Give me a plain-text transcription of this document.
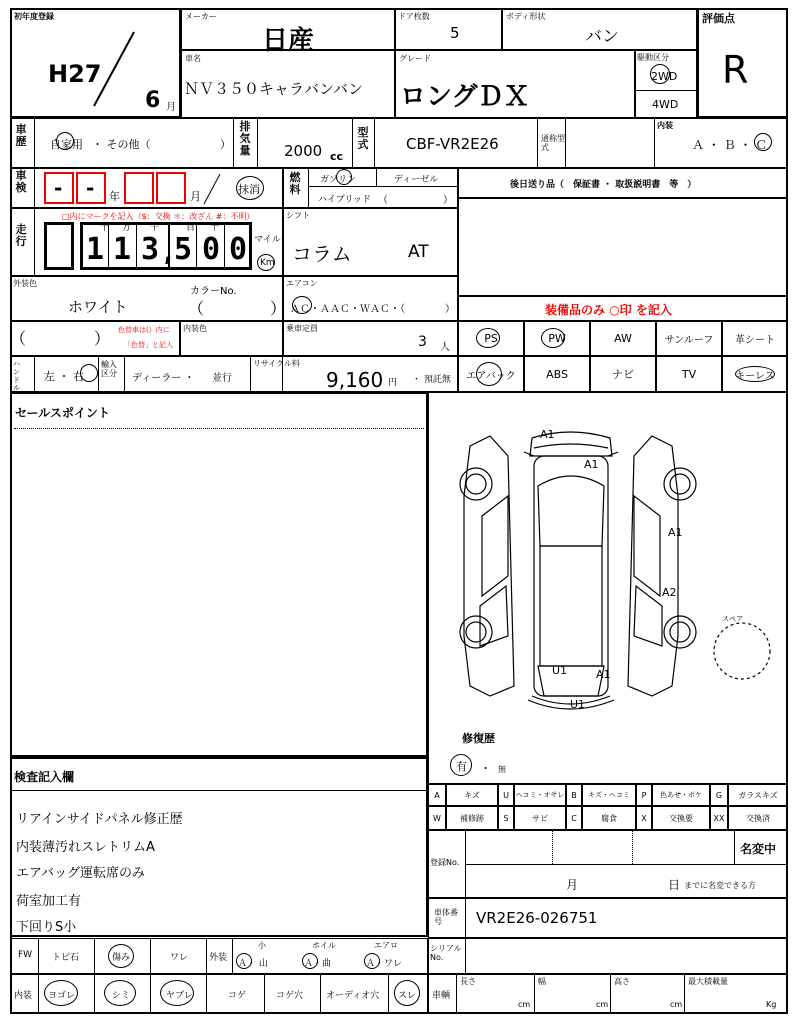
初年度登録
H27
6 月
メーカー
日産
ドア枚数
5
ボディ形状
バン
評価点
R
車名
ＮＶ３５０キャラバンバン
グレード
ロングＤＸ
駆動区分
2WD
4WD
車歴 自家用 ・ その他（	）
排気量 2000 cc
型式	CBF-VR2E26	通称型式
内装
Ａ ・ Ｂ ・ Ｃ
車検 - - 年	月
抹消
燃料
ガソリン	ディーゼル
ハイブリッド （	）
後日送り品（　保証書 ・ 取扱説明書　等　）
走行
□内にマークを記入（$：交換 ＊：改ざん #：不明）
十 万 千	百 十
1 1 3 , 5 0 0 マイル
Km
シフト
コラム	AT
外装色
ホワイト
カラーNo.
（	）
エアコン
ＡＣ・ＡＡＣ・ＷＡＣ・（　　　　）	装備品のみ ○印 を記入
（	） 色替車は(）内に
「色替」と記入
内装色	乗車定員
3 人
PS	PW	AW	サンルーフ	革シート
ハンドル
左 ・ 右
輸入区分	ディーラー ・ 並行
リサイクル料
9,160 円 ・ 預託無	エアバック	ABS	ナビ	TV	キーレス
セールスポイント
スペア
A1
A1
A1
A2
U1	A1
U1
修復歴
有 ・ 無
検査記入欄
リアインサイドパネル修正歴
内装薄汚れスレトリムA
エアバッグ運転席のみ
荷室加工有
下回りS小
A	キズ	U ヘコミ・オサレ B	キズ・ヘコミ	P	色あせ・ボケ	G	ガラスキズ
W	補修跡	S	サビ	C	腐食	X	交換要	XX	交換済
登録No.
名変中
月	日 までに名変できる方
車体番号	VR2E26-026751
FW トビ石	傷み	ワレ 外装
小	ホイル	エアロ
Ａ・ 山	Ａ・曲	Ａ・ワレ
シリアルNo.
内装 ヨゴレ	シミ	ヤブレ	コゲ	コゲ穴	オーディオ穴 スレ 車輌
長さ
cm
幅
cm
高さ
cm
最大積載量
Kg
